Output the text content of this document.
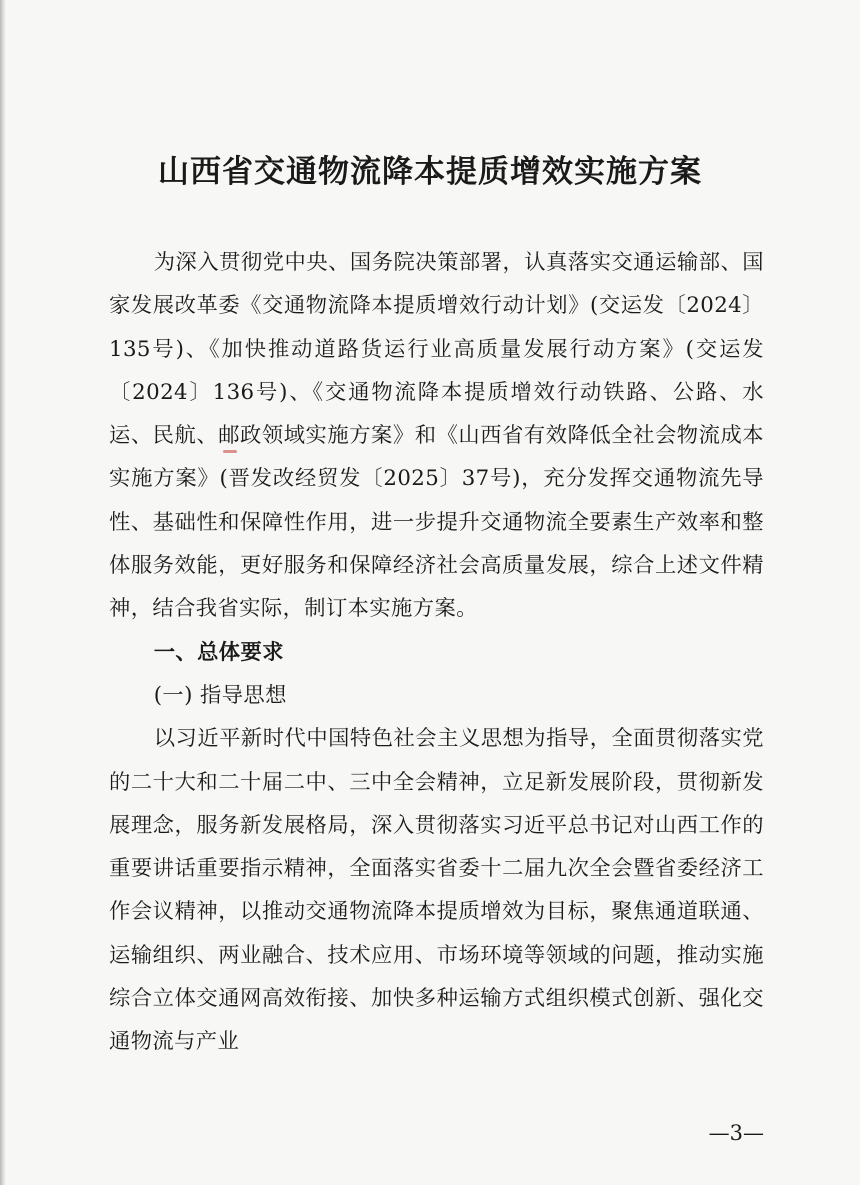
山西省交通物流降本提质增效实施方案

为深入贯彻党中央、国务院决策部署，认真落实交通运输部、国家发展改革委《交通物流降本提质增效行动计划》(交运发〔2024〕135号)、《加快推动道路货运行业高质量发展行动方案》(交运发〔2024〕136号)、《交通物流降本提质增效行动铁路、公路、水运、民航、邮政领域实施方案》和《山西省有效降低全社会物流成本实施方案》(晋发改经贸发〔2025〕37号)，充分发挥交通物流先导性、基础性和保障性作用，进一步提升交通物流全要素生产效率和整体服务效能，更好服务和保障经济社会高质量发展，综合上述文件精神，结合我省实际，制订本实施方案。

一、总体要求
(一) 指导思想

以习近平新时代中国特色社会主义思想为指导，全面贯彻落实党的二十大和二十届二中、三中全会精神，立足新发展阶段，贯彻新发展理念，服务新发展格局，深入贯彻落实习近平总书记对山西工作的重要讲话重要指示精神，全面落实省委十二届九次全会暨省委经济工作会议精神，以推动交通物流降本提质增效为目标，聚焦通道联通、运输组织、两业融合、技术应用、市场环境等领域的问题，推动实施综合立体交通网高效衔接、加快多种运输方式组织模式创新、强化交通物流与产业

—3—
